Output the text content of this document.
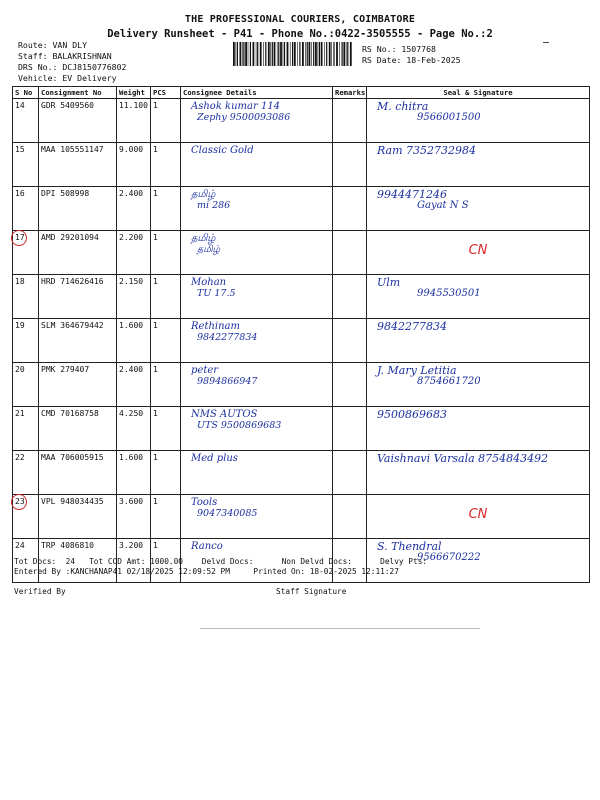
THE PROFESSIONAL COURIERS, COIMBATORE
Delivery Runsheet - P41 - Phone No.:0422-3505555 - Page No.:2
Route: VAN DLY
Staff: BALAKRISHNAN
DRS No.: DCJ8150776802
Vehicle: EV Delivery
RS No.: 1507768
RS Date: 18-Feb-2025
S No	Consignment No	Weight	PCS	Consignee Details	Remarks	Seal & Signature
14	GDR 5409560	11.100	1	Ashok kumar 114
Zephy 9500093086		M. chitra
9566001500

15	MAA 105551147	9.000	1	Classic Gold		Ram 7352732984

16	DPI 508998	2.400	1	தமிழ்
mi 286		9944471246
Gayat N S

17	AMD 29201094	2.200	1	தமிழ்
தமிழ்		CN

18	HRD 714626416	2.150	1	Mohan
TU 17.5		Ulm
9945530501

19	SLM 364679442	1.600	1	Rethinam
9842277834		9842277834

20	PMK 279407	2.400	1	peter
9894866947		J. Mary Letitia
8754661720

21	CMD 70168758	4.250	1	NMS AUTOS
UTS 9500869683		9500869683

22	MAA 706005915	1.600	1	Med plus		Vaishnavi Varsala 8754843492

23	VPL 948034435	3.600	1	Tools
9047340085		CN

24	TRP 4086810	3.200	1	Ranco		S. Thendral
9566670222
Tot Docs:  24   Tot COD Amt: 1000.00    Delvd Docs:      Non Delvd Docs:      Delvy Pts:
Entered By :KANCHANAP41 02/18/2025 12:09:52 PM     Printed On: 18-02-2025 12:11:27
Verified By	Staff Signature
